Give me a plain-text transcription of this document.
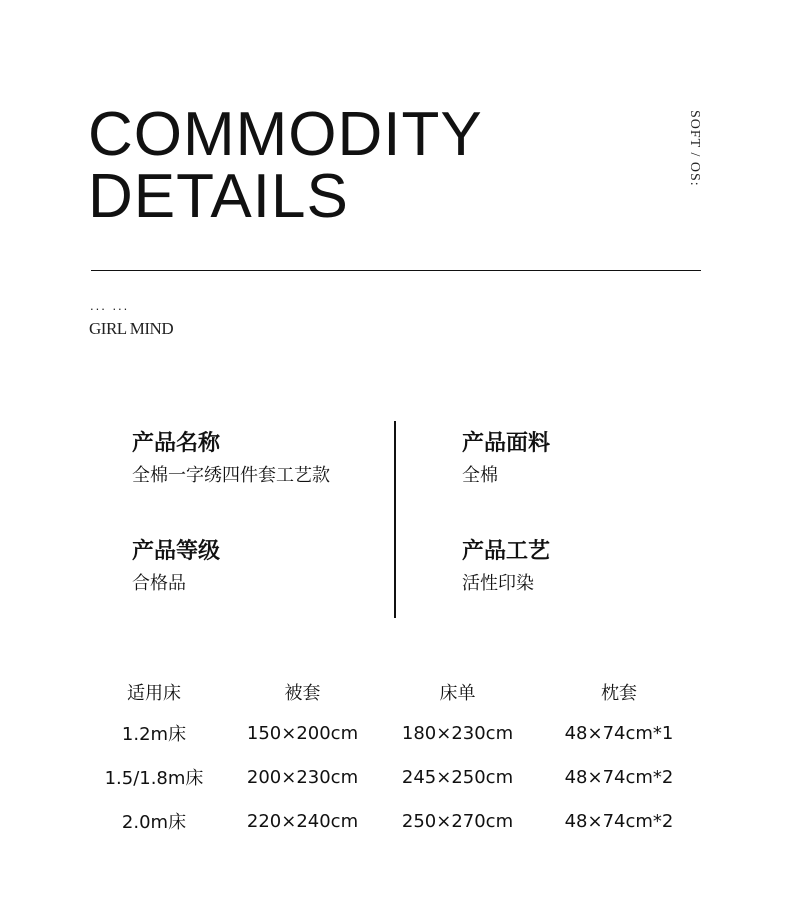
COMMODITY
DETAILS
SOFT / OS:
... ...
GIRL MIND
产品名称
全棉一字绣四件套工艺款
产品面料
全棉
产品等级
合格品
产品工艺
活性印染
适用床	被套	床单	枕套
1.2m床	150×200cm	180×230cm	48×74cm*1
1.5/1.8m床	200×230cm	245×250cm	48×74cm*2
2.0m床	220×240cm	250×270cm	48×74cm*2
